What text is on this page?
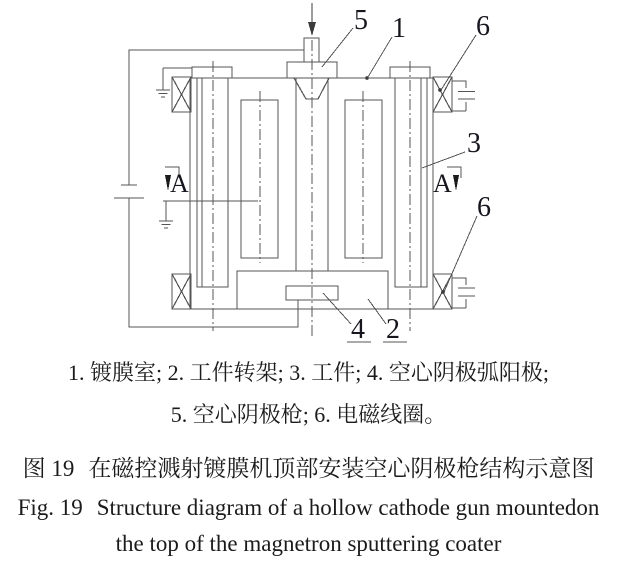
5 1	6
3
6
4 2
A	A
1. 镀膜室; 2. 工件转架; 3. 工件; 4. 空心阴极弧阳极;
5. 空心阴极枪; 6. 电磁线圈。
图 19 在磁控溅射镀膜机顶部安装空心阴极枪结构示意图
Fig. 19 Structure diagram of a hollow cathode gun mountedon
the top of the magnetron sputtering coater
